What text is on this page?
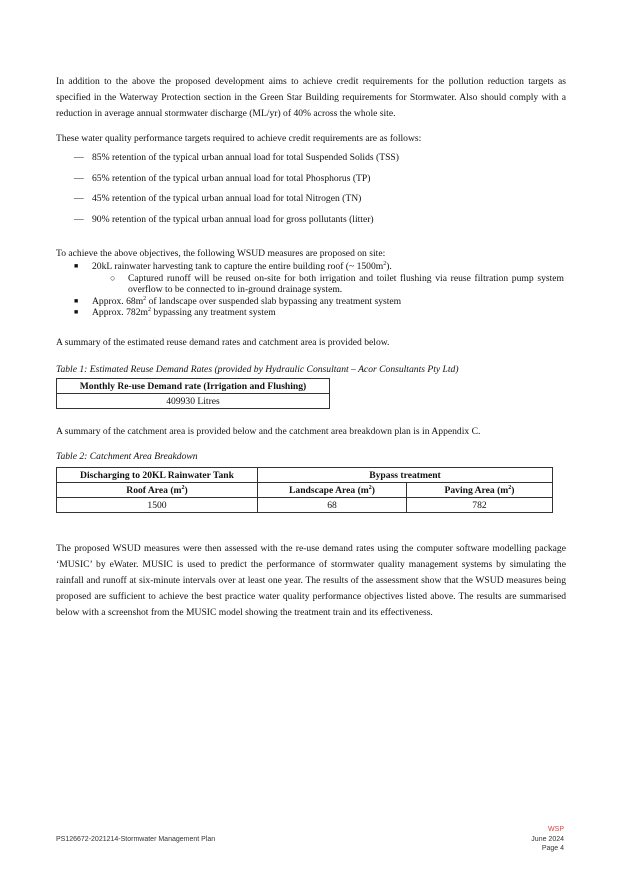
In addition to the above the proposed development aims to achieve credit requirements for the pollution reduction targets as specified in the Waterway Protection section in the Green Star Building requirements for Stormwater. Also should comply with a reduction in average annual stormwater discharge (ML/yr) of 40% across the whole site.

These water quality performance targets required to achieve credit requirements are as follows:

— 85% retention of the typical urban annual load for total Suspended Solids (TSS)
— 65% retention of the typical urban annual load for total Phosphorus (TP)
— 45% retention of the typical urban annual load for total Nitrogen (TN)
— 90% retention of the typical urban annual load for gross pollutants (litter)

To achieve the above objectives, the following WSUD measures are proposed on site:

■	20kL rainwater harvesting tank to capture the entire building roof (~ $1500m^2$).
○	Captured runoff will be reused on-site for both irrigation and toilet flushing via reuse filtration pump system overflow to be connected to in-ground drainage system.
■	Approx. $68m^2$ of landscape over suspended slab bypassing any treatment system
■	Approx. $782m^2$ bypassing any treatment system

A summary of the estimated reuse demand rates and catchment area is provided below.

Table 1: Estimated Reuse Demand Rates (provided by Hydraulic Consultant – Acor Consultants Pty Ltd)

Monthly Re-use Demand rate (Irrigation and Flushing)
409930 Litres

A summary of the catchment area is provided below and the catchment area breakdown plan is in Appendix C.

Table 2: Catchment Area Breakdown

Discharging to 20KL Rainwater Tank	Bypass treatment	
Roof Area $(m^2)$	Landscape Area $(m^2)$	Paving Area $(m^2)$
1500	68	782

The proposed WSUD measures were then assessed with the re-use demand rates using the computer software modelling package ‘MUSIC’ by eWater. MUSIC is used to predict the performance of stormwater quality management systems by simulating the rainfall and runoff at six-minute intervals over at least one year. The results of the assessment show that the WSUD measures being proposed are sufficient to achieve the best practice water quality performance objectives listed above. The results are summarised below with a screenshot from the MUSIC model showing the treatment train and its effectiveness.

PS126672-2021214-Stormwater Management Plan
WSP
June 2024
Page 4
